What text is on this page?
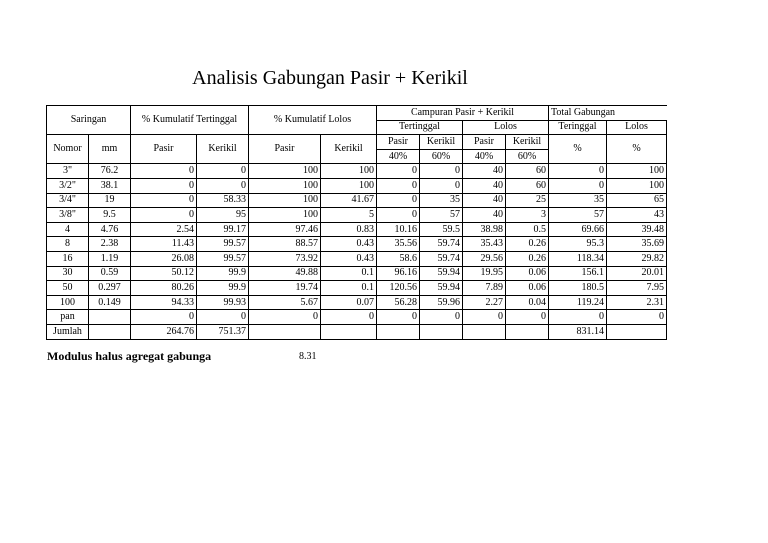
Analisis Gabungan Pasir + Kerikil
Saringan		% Kumulatif Tertinggal		% Kumulatif Lolos		Campuran Pasir + Kerikil				Total Gabungan	
						Tertinggal		Lolos		Teringgal	Lolos
Nomor	mm	Pasir	Kerikil	Pasir	Kerikil	Pasir	Kerikil	Pasir	Kerikil	%	%
						40%	60%	40%	60%		
3"	76.2	0	0	100	100	0	0	40	60	0	100
3/2"	38.1	0	0	100	100	0	0	40	60	0	100
3/4"	19	0	58.33	100	41.67	0	35	40	25	35	65
3/8"	9.5	0	95	100	5	0	57	40	3	57	43
4	4.76	2.54	99.17	97.46	0.83	10.16	59.5	38.98	0.5	69.66	39.48
8	2.38	11.43	99.57	88.57	0.43	35.56	59.74	35.43	0.26	95.3	35.69
16	1.19	26.08	99.57	73.92	0.43	58.6	59.74	29.56	0.26	118.34	29.82
30	0.59	50.12	99.9	49.88	0.1	96.16	59.94	19.95	0.06	156.1	20.01
50	0.297	80.26	99.9	19.74	0.1	120.56	59.94	7.89	0.06	180.5	7.95
100	0.149	94.33	99.93	5.67	0.07	56.28	59.96	2.27	0.04	119.24	2.31
pan		0	0	0	0	0	0	0	0	0	0
Jumlah		264.76	751.37							831.14	
Modulus halus agregat gabunga	8.31
